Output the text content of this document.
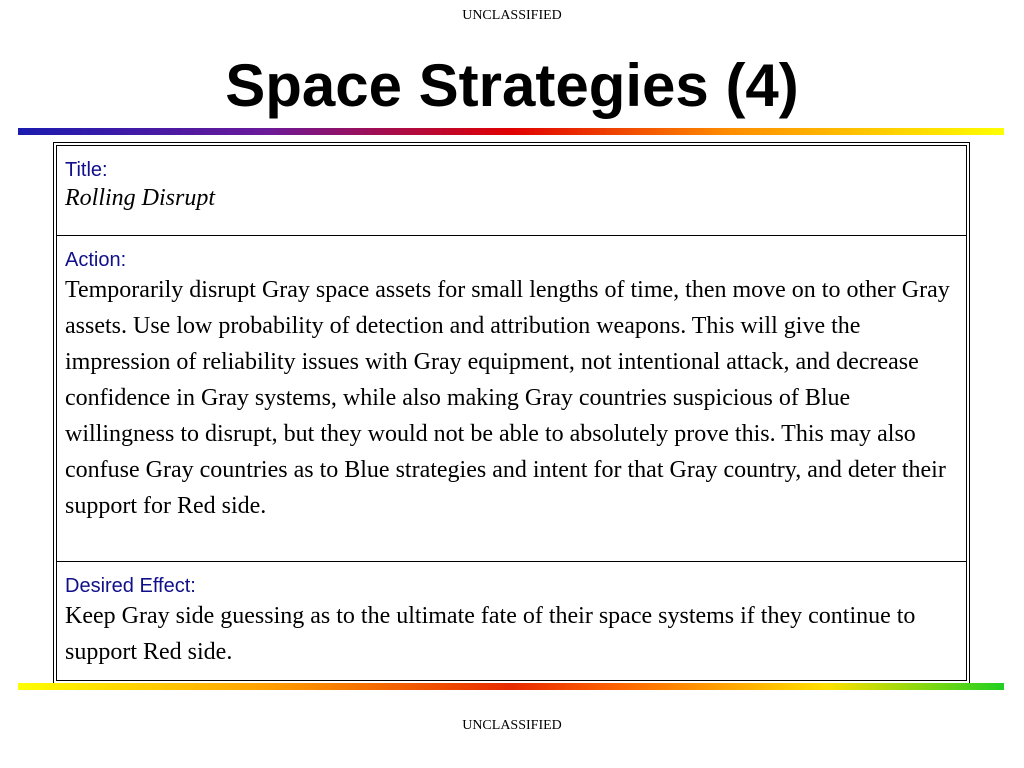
UNCLASSIFIED
Space Strategies (4)

Title:

Rolling Disrupt

Action:

Temporarily disrupt Gray space assets for small lengths of time, then move on to other Gray assets. Use low probability of detection and attribution weapons. This will give the impression of reliability issues with Gray equipment, not intentional attack, and decrease confidence in Gray systems, while also making Gray countries suspicious of Blue willingness to disrupt, but they would not be able to absolutely prove this. This may also confuse Gray countries as to Blue strategies and intent for that Gray country, and deter their support for Red side.

Desired Effect:

Keep Gray side guessing as to the ultimate fate of their space systems if they continue to support Red side.

UNCLASSIFIED
